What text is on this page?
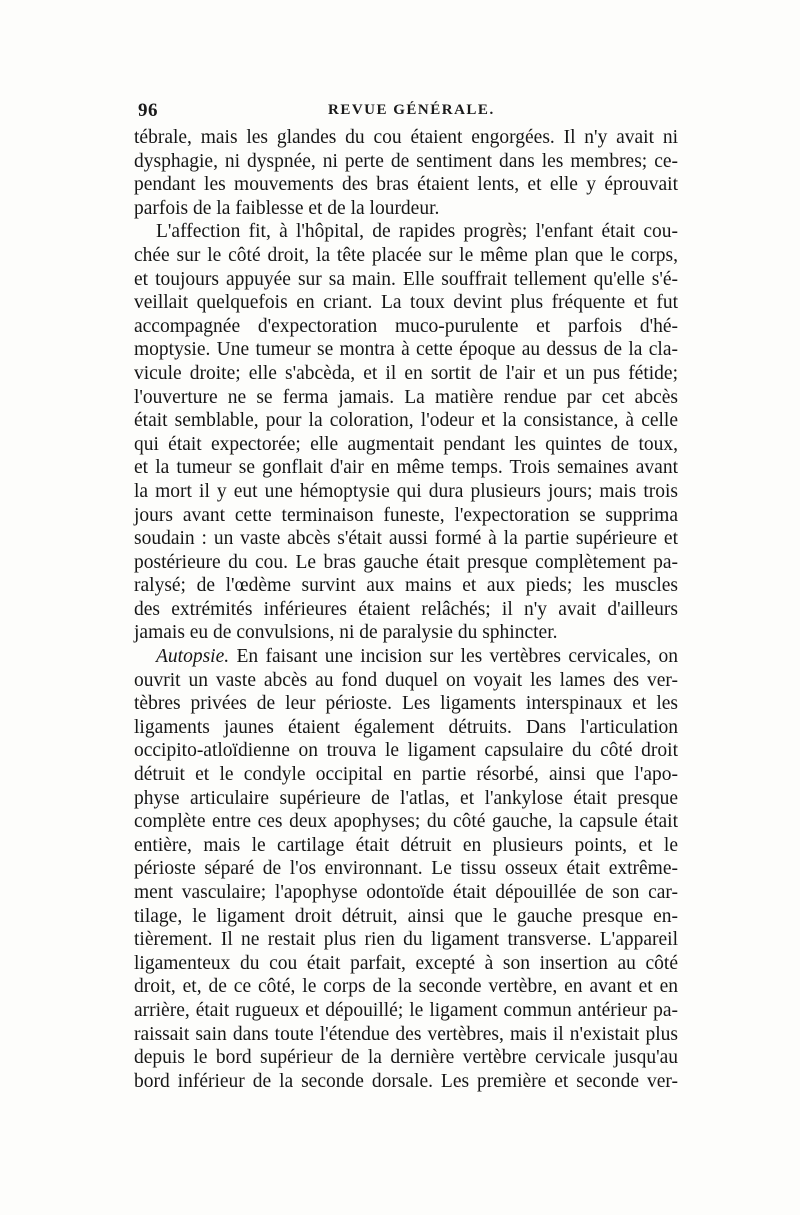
96	REVUE GÉNÉRALE.
tébrale, mais les glandes du cou étaient engorgées. Il n'y avait ni
dysphagie, ni dyspnée, ni perte de sentiment dans les membres; ce-
pendant les mouvements des bras étaient lents, et elle y éprouvait
parfois de la faiblesse et de la lourdeur.
L'affection fit, à l'hôpital, de rapides progrès; l'enfant était cou-
chée sur le côté droit, la tête placée sur le même plan que le corps,
et toujours appuyée sur sa main. Elle souffrait tellement qu'elle s'é-
veillait quelquefois en criant. La toux devint plus fréquente et fut
accompagnée d'expectoration muco-purulente et parfois d'hé-
moptysie. Une tumeur se montra à cette époque au dessus de la cla-
vicule droite; elle s'abcèda, et il en sortit de l'air et un pus fétide;
l'ouverture ne se ferma jamais. La matière rendue par cet abcès
était semblable, pour la coloration, l'odeur et la consistance, à celle
qui était expectorée; elle augmentait pendant les quintes de toux,
et la tumeur se gonflait d'air en même temps. Trois semaines avant
la mort il y eut une hémoptysie qui dura plusieurs jours; mais trois
jours avant cette terminaison funeste, l'expectoration se supprima
soudain : un vaste abcès s'était aussi formé à la partie supérieure et
postérieure du cou. Le bras gauche était presque complètement pa-
ralysé; de l'œdème survint aux mains et aux pieds; les muscles
des extrémités inférieures étaient relâchés; il n'y avait d'ailleurs
jamais eu de convulsions, ni de paralysie du sphincter.
Autopsie. En faisant une incision sur les vertèbres cervicales, on
ouvrit un vaste abcès au fond duquel on voyait les lames des ver-
tèbres privées de leur périoste. Les ligaments interspinaux et les
ligaments jaunes étaient également détruits. Dans l'articulation
occipito-atloïdienne on trouva le ligament capsulaire du côté droit
détruit et le condyle occipital en partie résorbé, ainsi que l'apo-
physe articulaire supérieure de l'atlas, et l'ankylose était presque
complète entre ces deux apophyses; du côté gauche, la capsule était
entière, mais le cartilage était détruit en plusieurs points, et le
périoste séparé de l'os environnant. Le tissu osseux était extrême-
ment vasculaire; l'apophyse odontoïde était dépouillée de son car-
tilage, le ligament droit détruit, ainsi que le gauche presque en-
tièrement. Il ne restait plus rien du ligament transverse. L'appareil
ligamenteux du cou était parfait, excepté à son insertion au côté
droit, et, de ce côté, le corps de la seconde vertèbre, en avant et en
arrière, était rugueux et dépouillé; le ligament commun antérieur pa-
raissait sain dans toute l'étendue des vertèbres, mais il n'existait plus
depuis le bord supérieur de la dernière vertèbre cervicale jusqu'au
bord inférieur de la seconde dorsale. Les première et seconde ver-
